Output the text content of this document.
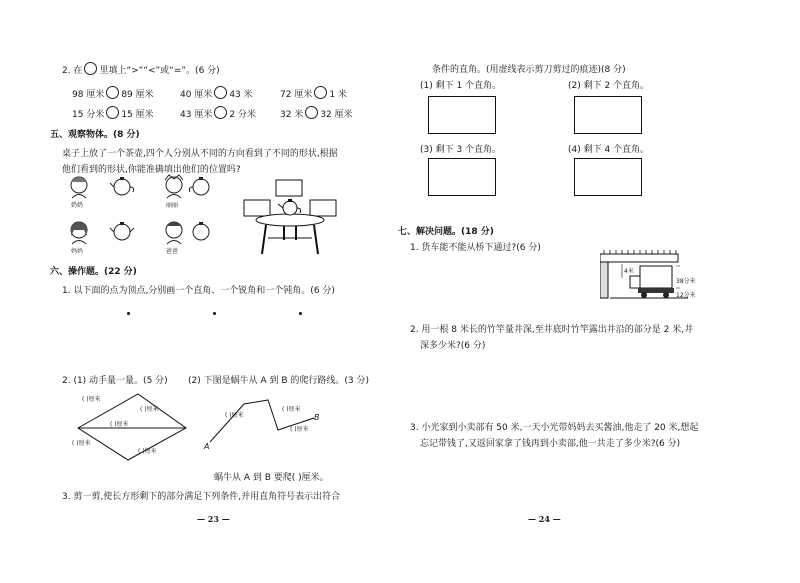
2. 在 里填上“>”“<”或“=”。(6 分)
98 厘米 89 厘米	40 厘米 43 米	72 厘米 1 米
15 分米 15 厘米	43 厘米 2 分米	32 米 32 厘米
五、观察物体。(8 分)
桌子上放了一个茶壶,四个人分别从不同的方向看到了不同的形状,根据
他们看到的形状,你能准确填出他们的位置吗?
奶奶	丽丽
妈妈	爸爸
六、操作题。(22 分)
1. 以下面的点为顶点,分别画一个直角、一个锐角和一个钝角。(6 分)
2. (1) 动手量一量。(5 分) (2) 下图是蜗牛从 A 到 B 的爬行路线。(3 分)
( )厘米
( )厘米
( )厘米
( )厘米
( )厘米
A
B
( )厘米
( )厘米
( )厘米
蜗牛从 A 到 B 要爬( )厘米。
3. 剪一剪,使长方形剩下的部分满足下列条件,并用直角符号表示出符合
— 23 —
条件的直角。(用虚线表示剪刀剪过的痕迹)(8 分)
(1) 剩下 1 个直角。	(2) 剩下 2 个直角。
(3) 剩下 3 个直角。	(4) 剩下 4 个直角。
七、解决问题。(18 分)
1. 货车能不能从桥下通过?(6 分)
4米
38分米
12分米
2. 用一根 8 米长的竹竿量井深,至井底时竹竿露出井沿的部分是 2 米,井
深多少米?(6 分)
3. 小光家到小卖部有 50 米,一天小光带妈妈去买酱油,他走了 20 米,想起
忘记带钱了,又返回家拿了钱再到小卖部,他一共走了多少米?(6 分)
— 24 —
